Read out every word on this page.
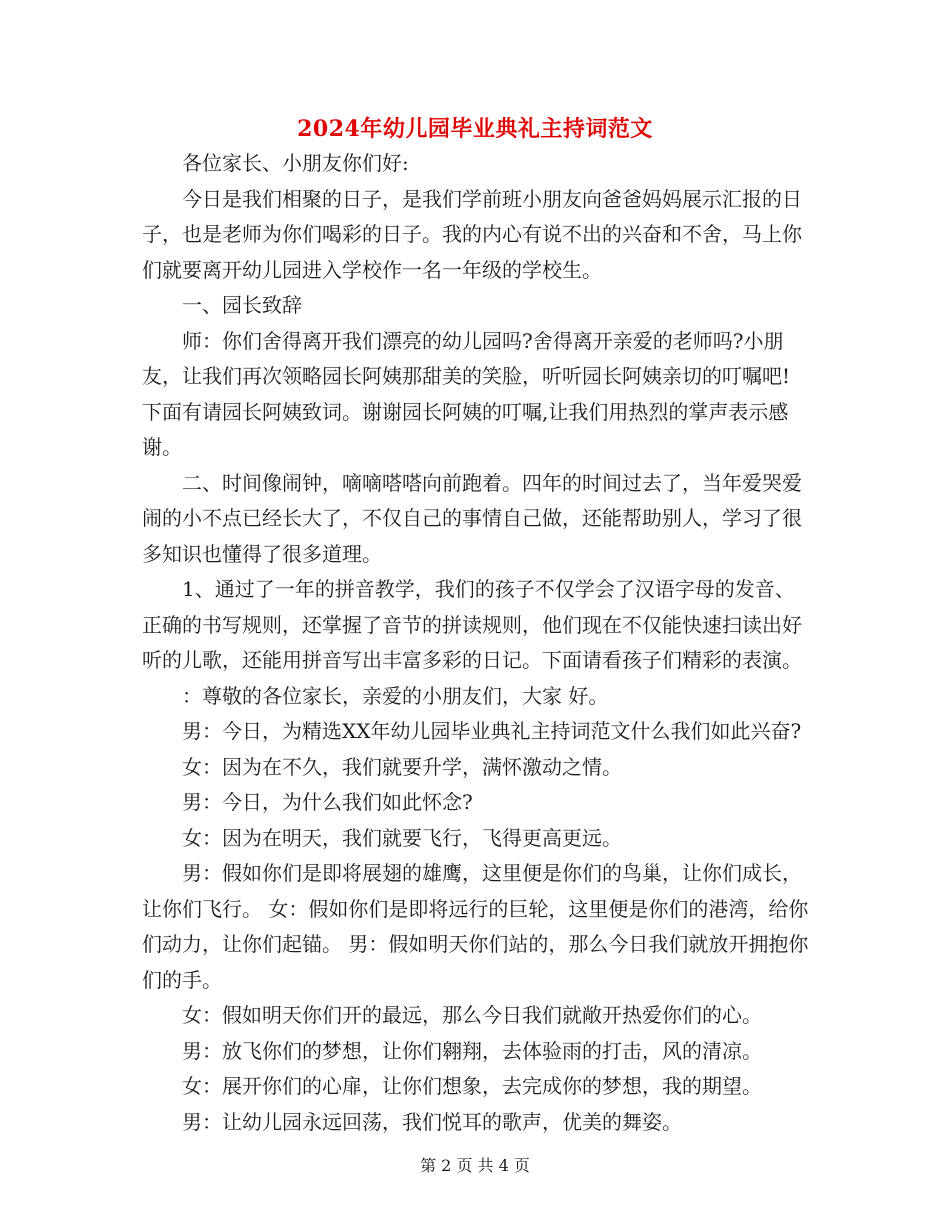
2024年幼儿园毕业典礼主持词范文

各位家长、小朋友你们好:

今日是我们相聚的日子，是我们学前班小朋友向爸爸妈妈展示汇报的日子，也是老师为你们喝彩的日子。我的内心有说不出的兴奋和不舍，马上你们就要离开幼儿园进入学校作一名一年级的学校生。

一、园长致辞

师：你们舍得离开我们漂亮的幼儿园吗?舍得离开亲爱的老师吗?小朋友，让我们再次领略园长阿姨那甜美的笑脸，听听园长阿姨亲切的叮嘱吧!下面有请园长阿姨致词。谢谢园长阿姨的叮嘱,让我们用热烈的掌声表示感谢。

二、时间像闹钟，嘀嘀嗒嗒向前跑着。四年的时间过去了，当年爱哭爱闹的小不点已经长大了，不仅自己的事情自己做，还能帮助别人，学习了很多知识也懂得了很多道理。

1、通过了一年的拼音教学，我们的孩子不仅学会了汉语字母的发音、正确的书写规则，还掌握了音节的拼读规则，他们现在不仅能快速扫读出好听的儿歌，还能用拼音写出丰富多彩的日记。下面请看孩子们精彩的表演。

：尊敬的各位家长，亲爱的小朋友们，大家 好。

男：今日，为精选XX年幼儿园毕业典礼主持词范文什么我们如此兴奋?

女：因为在不久，我们就要升学，满怀激动之情。

男：今日，为什么我们如此怀念?

女：因为在明天，我们就要飞行，飞得更高更远。

男：假如你们是即将展翅的雄鹰，这里便是你们的鸟巢，让你们成长，让你们飞行。 女：假如你们是即将远行的巨轮，这里便是你们的港湾，给你们动力，让你们起锚。 男：假如明天你们站的，那么今日我们就放开拥抱你们的手。

女：假如明天你们开的最远，那么今日我们就敞开热爱你们的心。

男：放飞你们的梦想，让你们翱翔，去体验雨的打击，风的清凉。

女：展开你们的心扉，让你们想象，去完成你的梦想，我的期望。

男：让幼儿园永远回荡，我们悦耳的歌声，优美的舞姿。

第 2 页 共 4 页
